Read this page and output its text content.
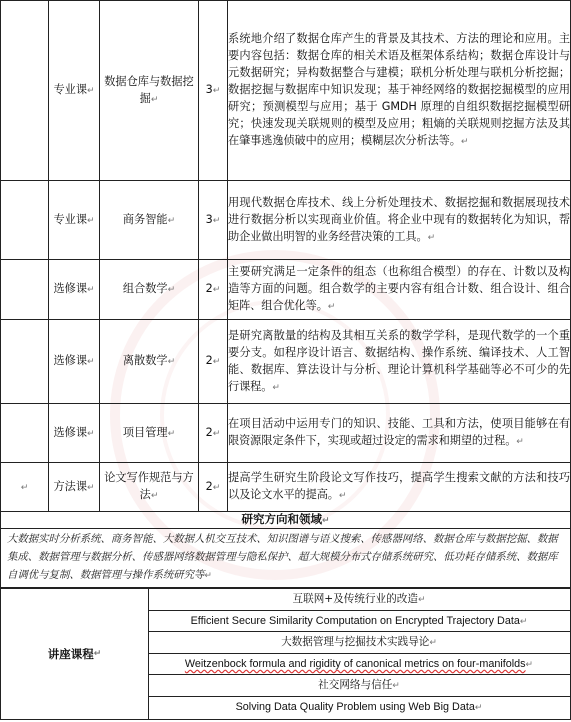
	专业课↵	数据仓库与数据挖掘↵	3↵	系统地介绍了数据仓库产生的背景及其技术、方法的理论和应用。主要内容包括：数据仓库的相关术语及框架体系结构；数据仓库设计与元数据研究；异构数据整合与建模；联机分析处理与联机分析挖掘；数据挖掘与数据库中知识发现；基于神经网络的数据挖掘模型的应用研究；预测模型与应用；基于 GMDH 原理的自组织数据挖掘模型研究；快速发现关联规则的模型及应用；粗熵的关联规则挖掘方法及其在肇事逃逸侦破中的应用；模糊层次分析法等。↵
	专业课↵	商务智能↵	3↵	用现代数据仓库技术、线上分析处理技术、数据挖掘和数据展现技术进行数据分析以实现商业价值。将企业中现有的数据转化为知识，帮助企业做出明智的业务经营决策的工具。↵
	选修课↵	组合数学↵	2↵	主要研究满足一定条件的组态（也称组合模型）的存在、计数以及构造等方面的问题。组合数学的主要内容有组合计数、组合设计、组合矩阵、组合优化等。↵
	选修课↵	离散数学↵	2↵	是研究离散量的结构及其相互关系的数学学科，是现代数学的一个重要分支。如程序设计语言、数据结构、操作系统、编译技术、人工智能、数据库、算法设计与分析、理论计算机科学基础等必不可少的先行课程。↵
	选修课↵	项目管理↵	2↵	在项目活动中运用专门的知识、技能、工具和方法，使项目能够在有限资源限定条件下，实现或超过设定的需求和期望的过程。↵
↵	方法课↵	论文写作规范与方法↵	2↵	提高学生研究生阶段论文写作技巧，提高学生搜索文献的方法和技巧以及论文水平的提高。↵
研究方向和领域↵
大数据实时分析系统、商务智能、大数据人机交互技术、知识图谱与语义搜索、传感器网络、数据仓库与数据挖掘、数据集成、数据管理与数据分析、传感器网络数据管理与隐私保护、超大规模分布式存储系统研究、低功耗存储系统、数据库自调优与复制、数据管理与操作系统研究等↵
讲座课程 ↵
互联网+及传统行业的改造↵
Efficient Secure Similarity Computation on Encrypted Trajectory Data↵
大数据管理与挖掘技术实践导论↵
Weitzenbock formula and rigidity of canonical metrics on four-manifolds↵
社交网络与信任↵
Solving Data Quality Problem using Web Big Data↵
